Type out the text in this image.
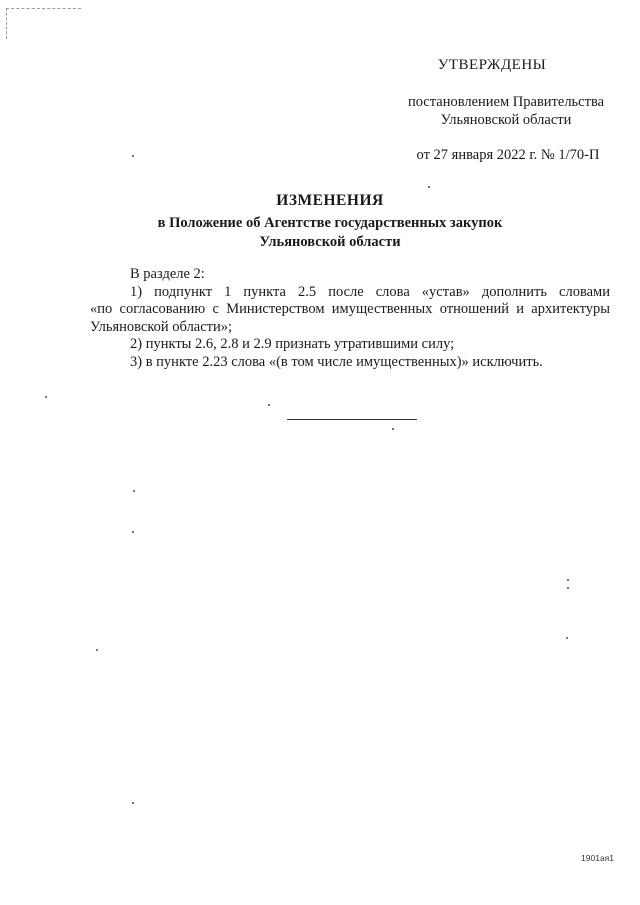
УТВЕРЖДЕНЫ
постановлением Правительства
Ульяновской области
от 27 января 2022 г. № 1/70-П
ИЗМЕНЕНИЯ
в Положение об Агентстве государственных закупок
Ульяновской области

В разделе 2:

1) подпункт 1 пункта 2.5 после слова «устав» дополнить словами

«по согласованию с Министерством имущественных отношений и архитектуры

Ульяновской области»;

2) пункты 2.6, 2.8 и 2.9 признать утратившими силу;

3) в пункте 2.23 слова «(в том числе имущественных)» исключить.

1901ая1
